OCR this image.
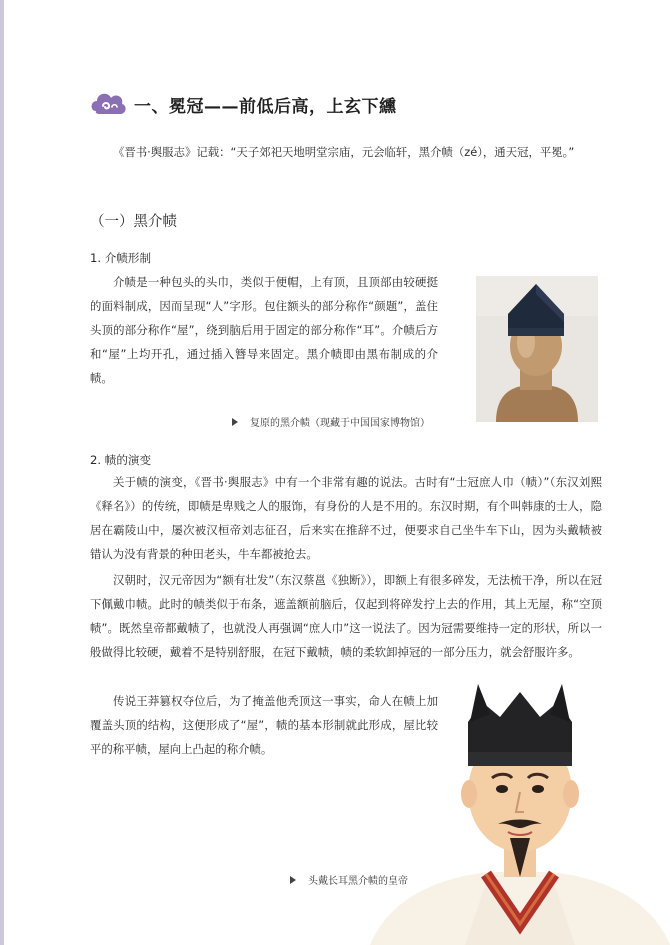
一、冕冠——前低后高，上玄下纁

《晋书·舆服志》记载：“天子郊祀天地明堂宗庙，元会临轩，黑介帻（zé），通天冠，平冕。”

（一）黑介帻
1. 介帻形制

介帻是一种包头的头巾，类似于便帽，上有顶，且顶部由较硬挺的面料制成，因而呈现“人”字形。包住额头的部分称作“颜题”，盖住头顶的部分称作“屋”，绕到脑后用于固定的部分称作“耳”。介帻后方和“屋”上均开孔，通过插入簪导来固定。黑介帻即由黑布制成的介帻。

复原的黑介帻（现藏于中国国家博物馆）
2. 帻的演变

关于帻的演变，《晋书·舆服志》中有一个非常有趣的说法。古时有“士冠庶人巾（帻）”（东汉刘熙《释名》）的传统，即帻是卑贱之人的服饰，有身份的人是不用的。东汉时期，有个叫韩康的士人，隐居在霸陵山中，屡次被汉桓帝刘志征召，后来实在推辞不过，便要求自己坐牛车下山，因为头戴帻被错认为没有背景的种田老头，牛车都被抢去。

汉朝时，汉元帝因为“额有壮发”（东汉蔡邕《独断》），即额上有很多碎发，无法梳干净，所以在冠下佩戴巾帻。此时的帻类似于布条，遮盖额前脑后，仅起到将碎发拧上去的作用，其上无屋，称“空顶帻”。既然皇帝都戴帻了，也就没人再强调“庶人巾”这一说法了。因为冠需要维持一定的形状，所以一般做得比较硬，戴着不是特别舒服，在冠下戴帻，帻的柔软卸掉冠的一部分压力，就会舒服许多。

传说王莽篡权夺位后，为了掩盖他秃顶这一事实，命人在帻上加覆盖头顶的结构，这便形成了“屋”，帻的基本形制就此形成，屋比较平的称平帻，屋向上凸起的称介帻。

头戴长耳黑介帻的皇帝
